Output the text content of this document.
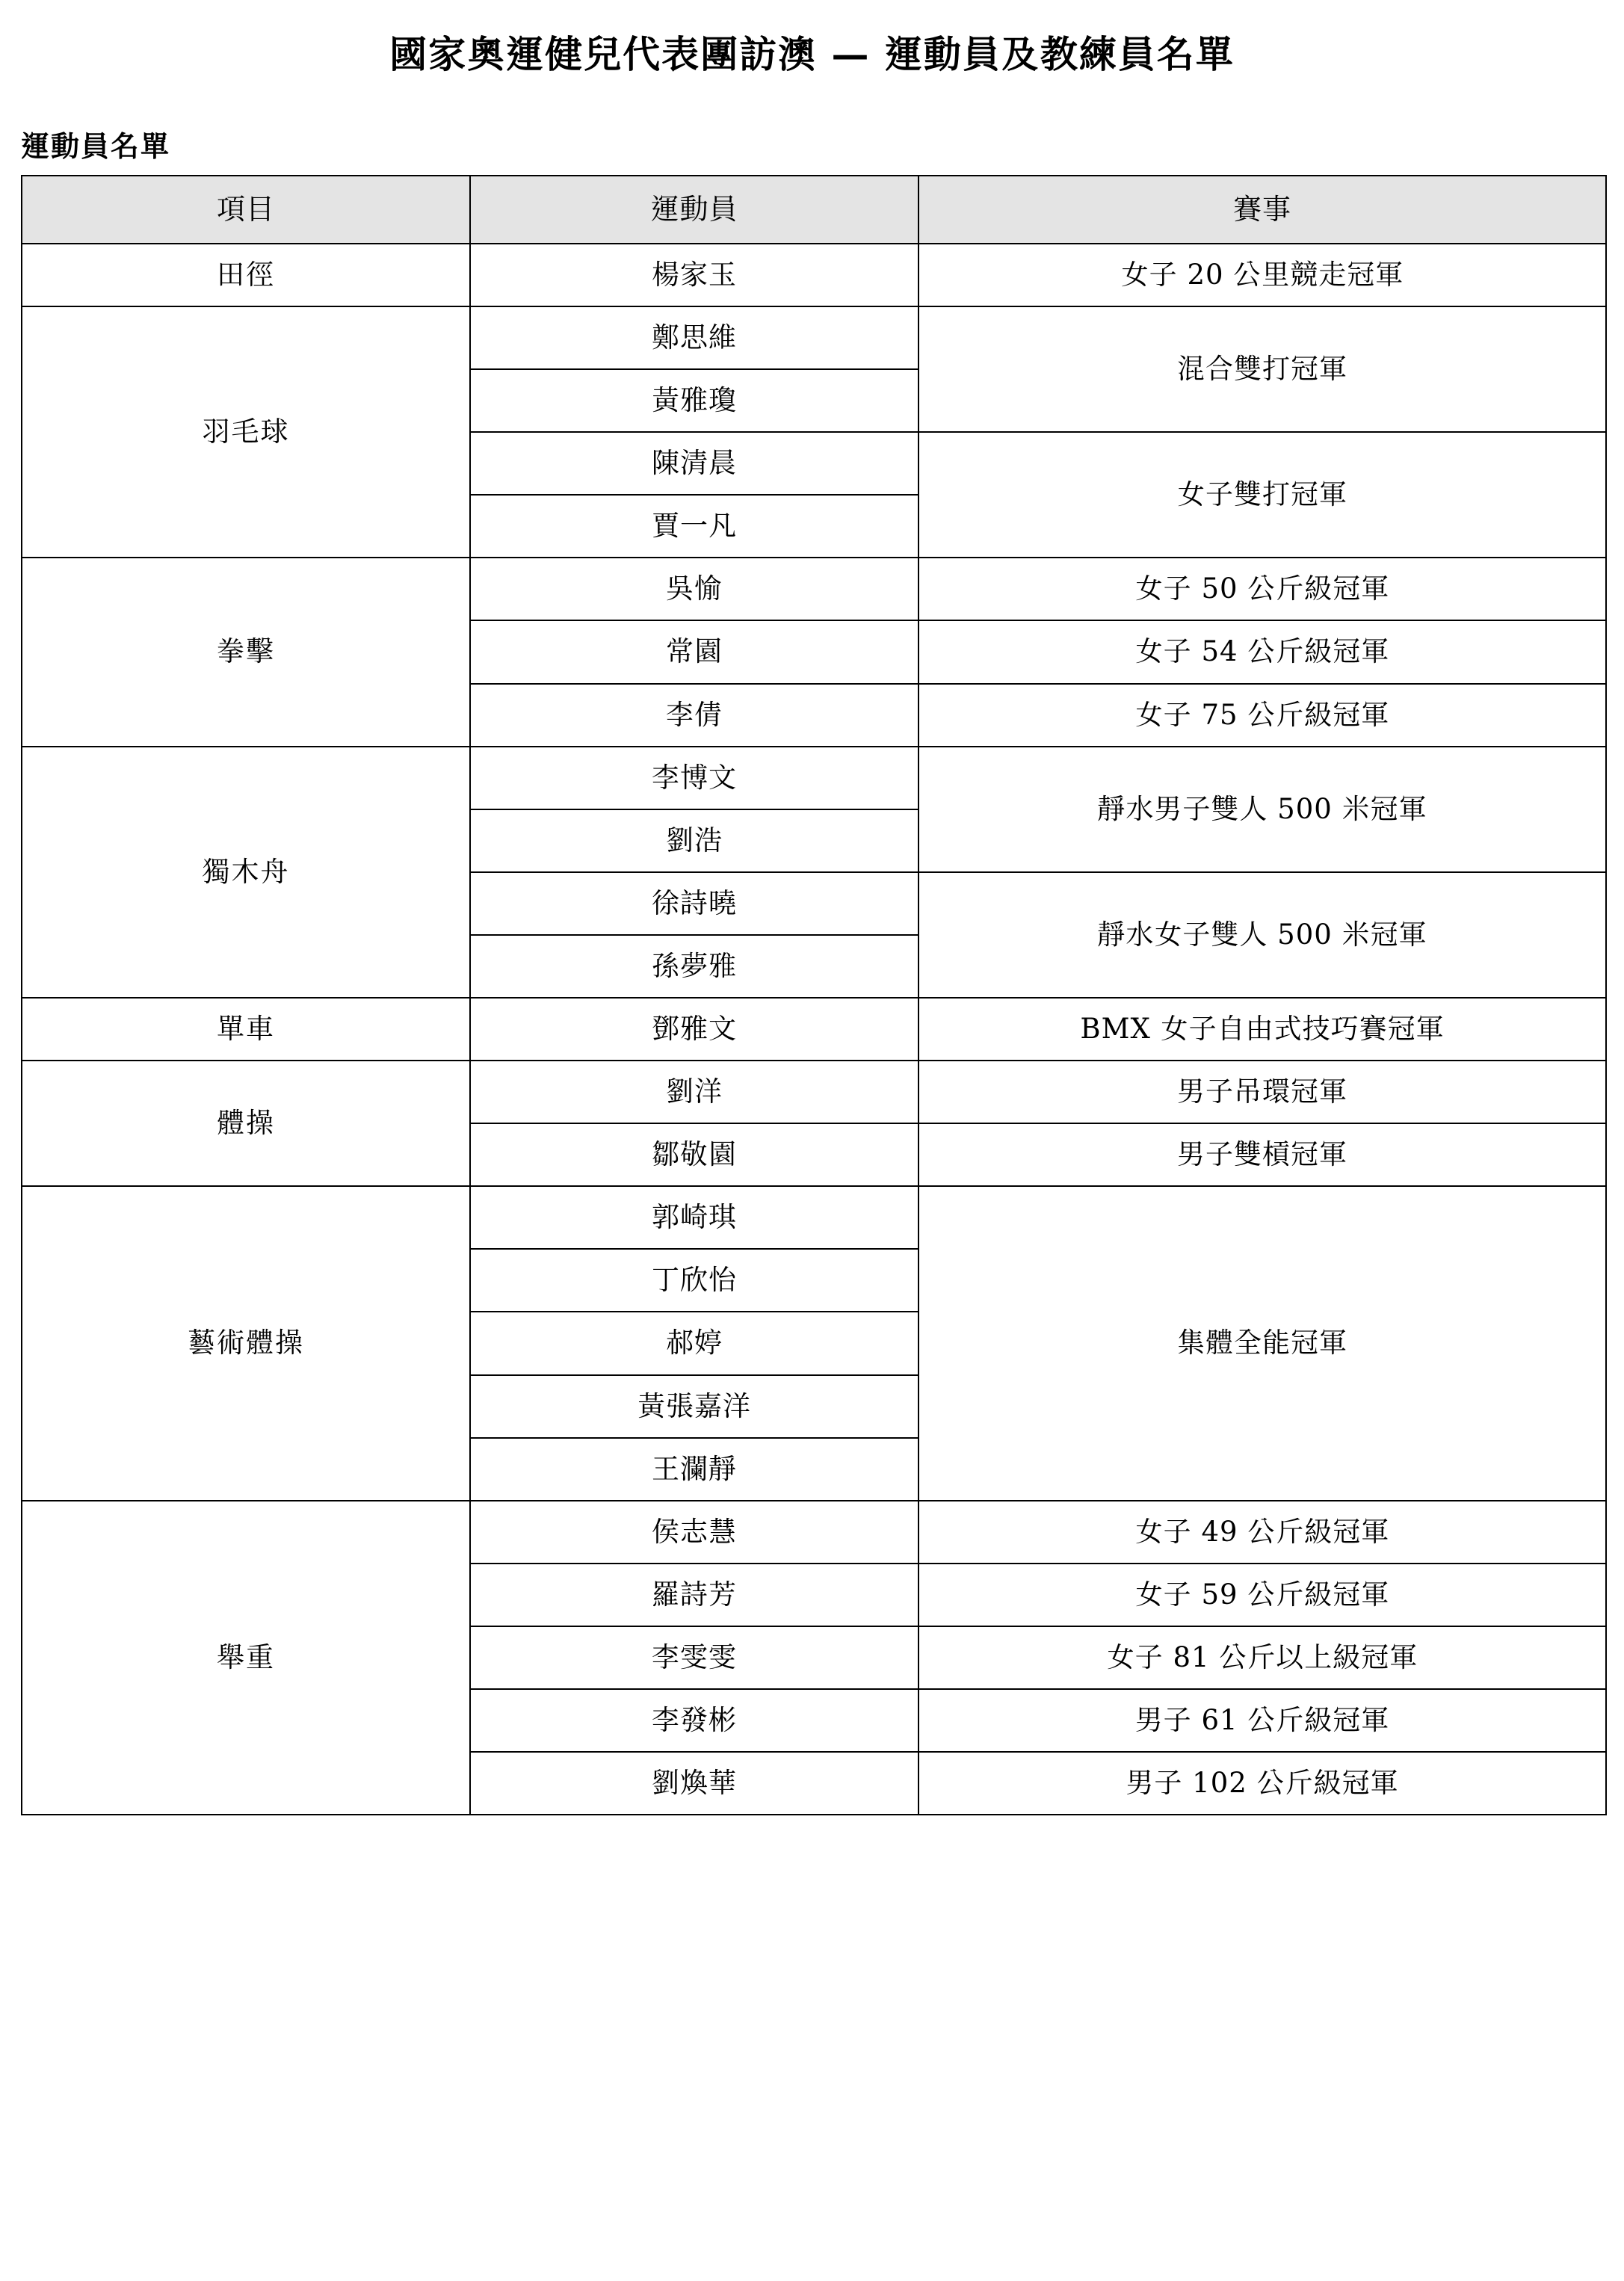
國家奧運健兒代表團訪澳 — 運動員及教練員名單
運動員名單
項目	運動員	賽事
田徑	楊家玉	女子 20 公里競走冠軍
羽毛球	鄭思維	混合雙打冠軍
	黃雅瓊	
	陳清晨	女子雙打冠軍
	賈一凡	
拳擊	吳愉	女子 50 公斤級冠軍
	常園	女子 54 公斤級冠軍
	李倩	女子 75 公斤級冠軍
獨木舟	李博文	靜水男子雙人 500 米冠軍
	劉浩	
	徐詩曉	靜水女子雙人 500 米冠軍
	孫夢雅	
單車	鄧雅文	BMX 女子自由式技巧賽冠軍
體操	劉洋	男子吊環冠軍
	鄒敬園	男子雙槓冠軍
藝術體操	郭崎琪	集體全能冠軍
	丁欣怡	
	郝婷	
	黃張嘉洋	
	王瀾靜	
舉重	侯志慧	女子 49 公斤級冠軍
	羅詩芳	女子 59 公斤級冠軍
	李雯雯	女子 81 公斤以上級冠軍
	李發彬	男子 61 公斤級冠軍
	劉煥華	男子 102 公斤級冠軍
